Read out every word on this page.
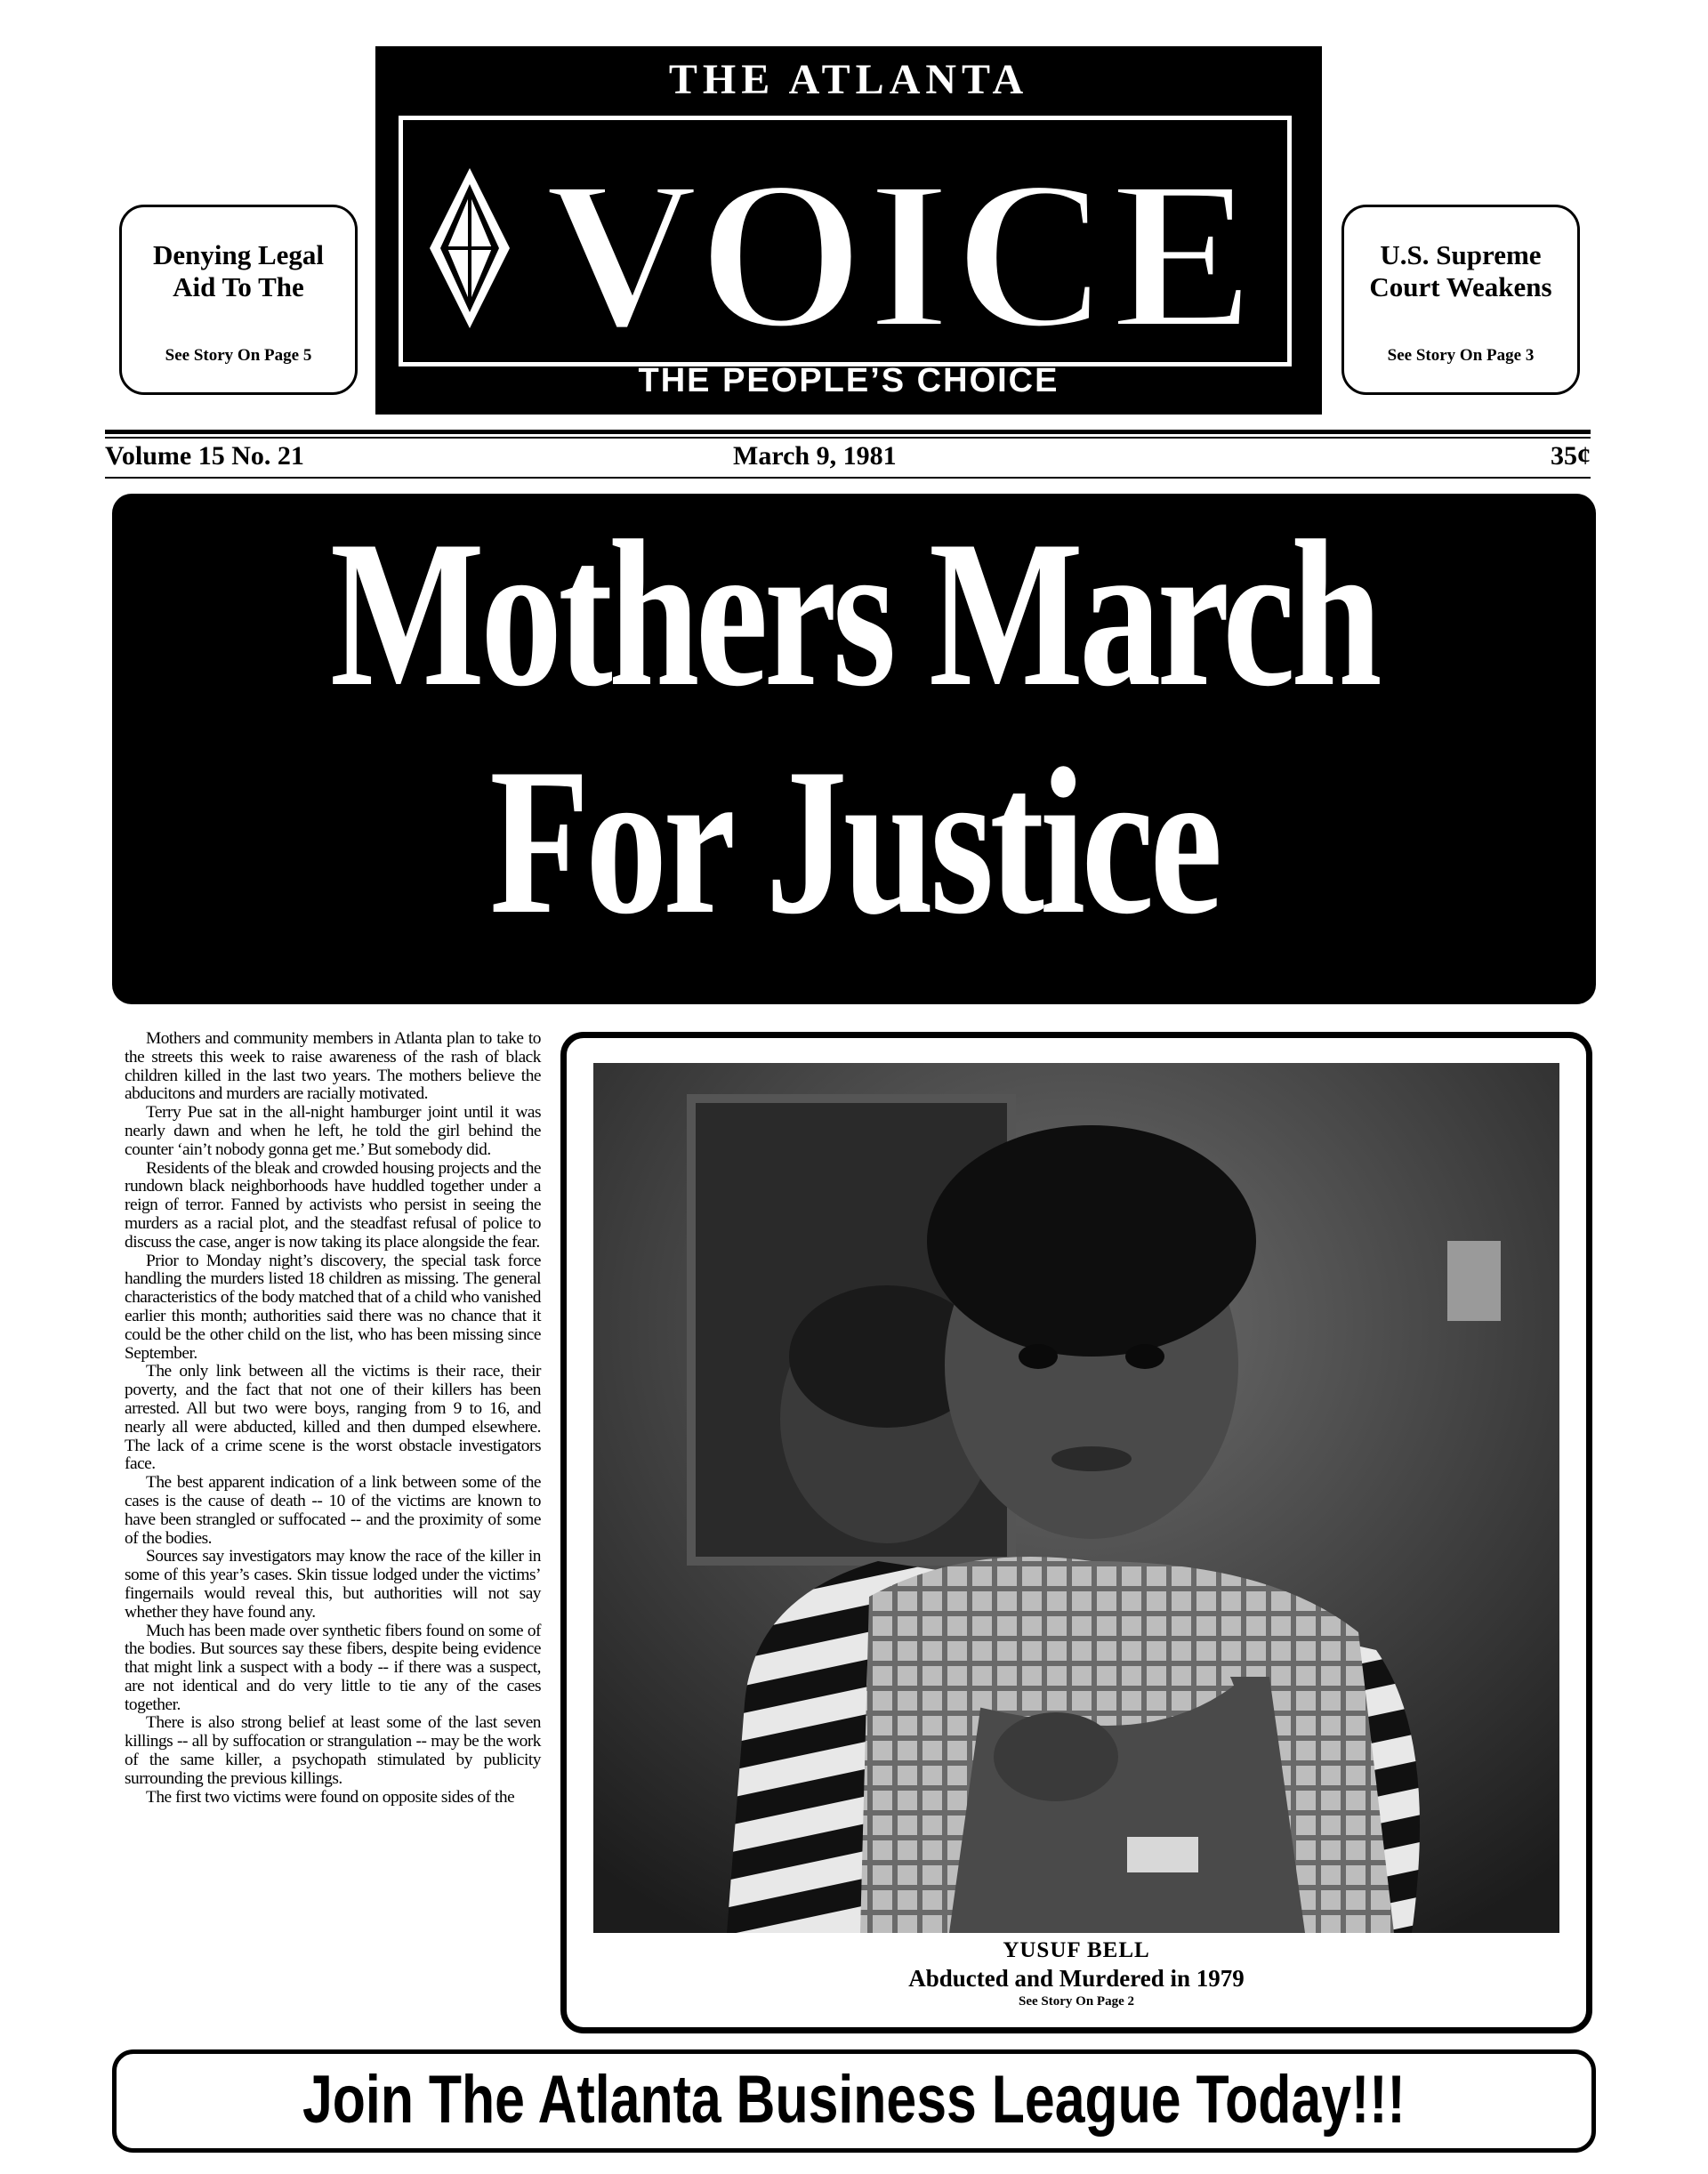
THE ATLANTA
VOICE
THE PEOPLE’S CHOICE
Denying Legal Aid To The
See Story On Page 5
U.S. Supreme Court Weakens
See Story On Page 3
Volume 15 No. 21	March 9, 1981	35¢
Mothers March
For Justice

Mothers and community members in Atlanta plan to take to the streets this week to raise awareness of the rash of black children killed in the last two years. The mothers believe the abducitons and murders are racially motivated.

Terry Pue sat in the all-night hamburger joint until it was nearly dawn and when he left, he told the girl behind the counter ‘ain’t nobody gonna get me.’ But somebody did.

Residents of the bleak and crowded housing projects and the rundown black neighborhoods have huddled together under a reign of terror. Fanned by activists who persist in seeing the murders as a racial plot, and the steadfast refusal of police to discuss the case, anger is now taking its place alongside the fear.

Prior to Monday night’s discovery, the special task force handling the murders listed 18 children as missing. The general characteristics of the body matched that of a child who vanished earlier this month; authorities said there was no chance that it could be the other child on the list, who has been missing since September.

The only link between all the victims is their race, their poverty, and the fact that not one of their killers has been arrested. All but two were boys, ranging from 9 to 16, and nearly all were abducted, killed and then dumped elsewhere. The lack of a crime scene is the worst obstacle investigators face.

The best apparent indication of a link between some of the cases is the cause of death -- 10 of the victims are known to have been strangled or suffocated -- and the proximity of some of the bodies.

Sources say investigators may know the race of the killer in some of this year’s cases. Skin tissue lodged under the victims’ fingernails would reveal this, but authorities will not say whether they have found any.

Much has been made over synthetic fibers found on some of the bodies. But sources say these fibers, despite being evidence that might link a suspect with a body -- if there was a suspect, are not identical and do very little to tie any of the cases together.

There is also strong belief at least some of the last seven killings -- all by suffocation or strangulation -- may be the work of the same killer, a psychopath stimulated by publicity surrounding the previous killings.

The first two victims were found on opposite sides of the

YUSUF BELL
Abducted and Murdered in 1979
See Story On Page 2
Join The Atlanta Business League Today!!!
